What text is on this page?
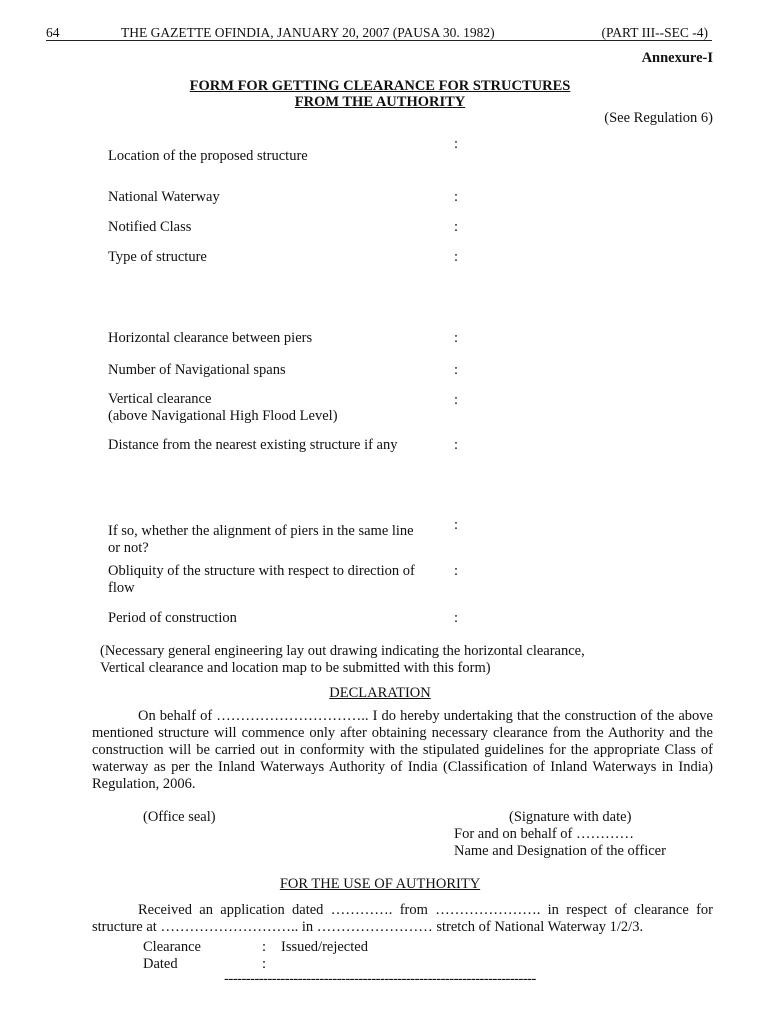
64	THE GAZETTE OFINDIA, JANUARY 20, 2007 (PAUSA 30. 1982)	(PART III--SEC -4)
Annexure-I
FORM FOR GETTING CLEARANCE FOR STRUCTURES
FROM THE AUTHORITY
(See Regulation 6)
Location of the proposed structure
:
National Waterway	:
Notified Class	:
Type of structure	:
Horizontal clearance between piers	:
Number of Navigational spans	:
Vertical clearance
(above Navigational High Flood Level)
:
Distance from the nearest existing structure if any	:
If so, whether the alignment of piers in the same line
or not?
:
Obliquity of the structure with respect to direction of
flow
:
Period of construction	:
(Necessary general engineering lay out drawing indicating the horizontal clearance,
Vertical clearance and location map to be submitted with this form)
DECLARATION
On behalf of ………………………….. I do hereby undertaking that the construction of the above mentioned structure will commence only after obtaining necessary clearance from the Authority and the construction will be carried out in conformity with the stipulated guidelines for the appropriate Class of waterway as per the Inland Waterways Authority of India (Classification of Inland Waterways in India) Regulation, 2006.
(Office seal)	(Signature with date)
For and on behalf of …………
Name and Designation of the officer
FOR THE USE OF AUTHORITY
Received an application dated …………. from …………………. in respect of clearance for structure at ……………………….. in …………………… stretch of National Waterway 1/2/3.
Clearance	: Issued/rejected
Dated	:
------------------------------------------------------------------------
